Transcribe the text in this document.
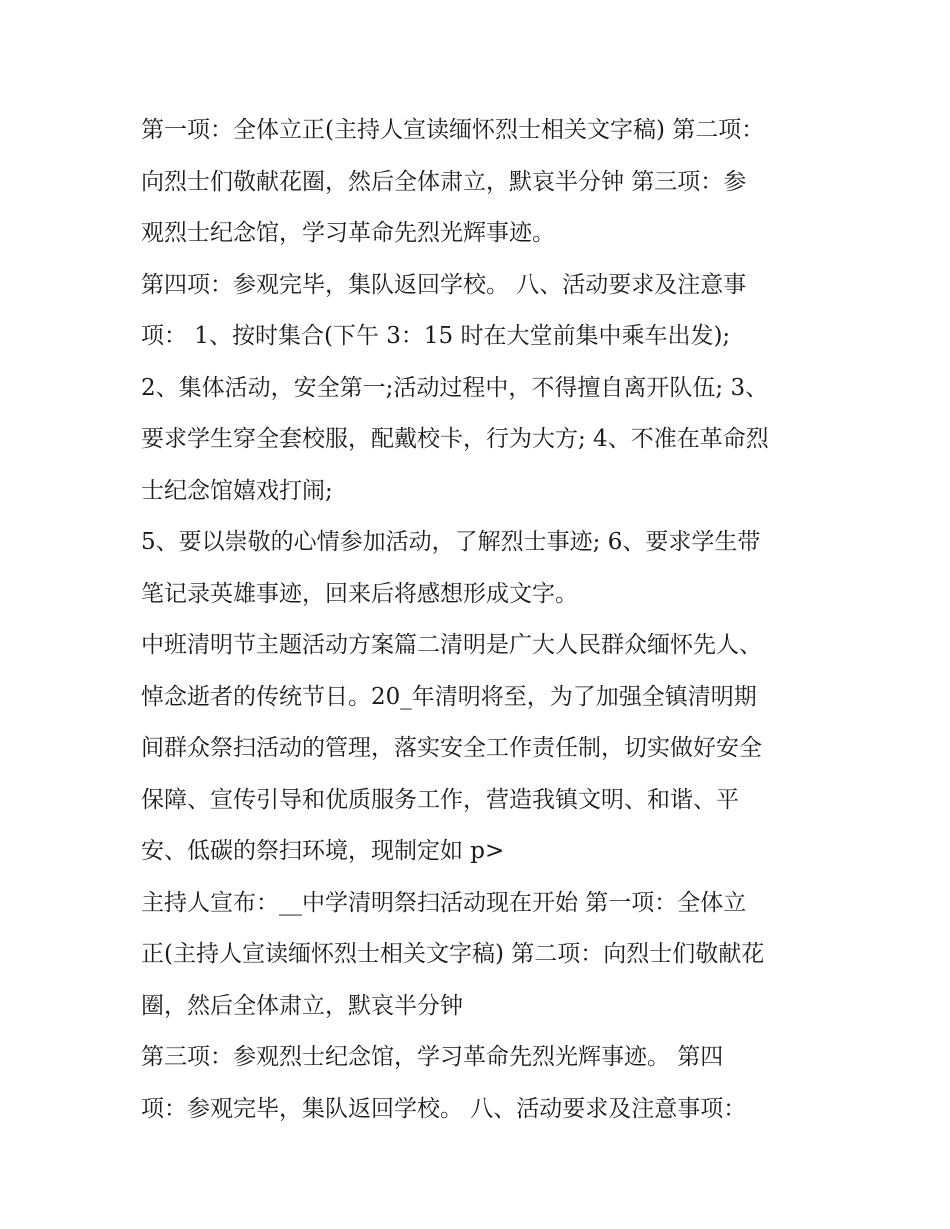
第一项：全体立正(主持人宣读缅怀烈士相关文字稿) 第二项：
向烈士们敬献花圈，然后全体肃立，默哀半分钟 第三项：参
观烈士纪念馆，学习革命先烈光辉事迹。

第四项：参观完毕，集队返回学校。 八、活动要求及注意事
项： 1、按时集合(下午 3：15 时在大堂前集中乘车出发);

2、集体活动，安全第一;活动过程中，不得擅自离开队伍; 3、
要求学生穿全套校服，配戴校卡，行为大方; 4、不准在革命烈
士纪念馆嬉戏打闹;

5、要以崇敬的心情参加活动，了解烈士事迹; 6、要求学生带
笔记录英雄事迹，回来后将感想形成文字。

中班清明节主题活动方案篇二清明是广大人民群众缅怀先人、
悼念逝者的传统节日。20_年清明将至，为了加强全镇清明期
间群众祭扫活动的管理，落实安全工作责任制，切实做好安全
保障、宣传引导和优质服务工作，营造我镇文明、和谐、平
安、低碳的祭扫环境，现制定如 p>

主持人宣布：__中学清明祭扫活动现在开始 第一项：全体立
正(主持人宣读缅怀烈士相关文字稿) 第二项：向烈士们敬献花
圈，然后全体肃立，默哀半分钟

第三项：参观烈士纪念馆，学习革命先烈光辉事迹。 第四
项：参观完毕，集队返回学校。 八、活动要求及注意事项：
